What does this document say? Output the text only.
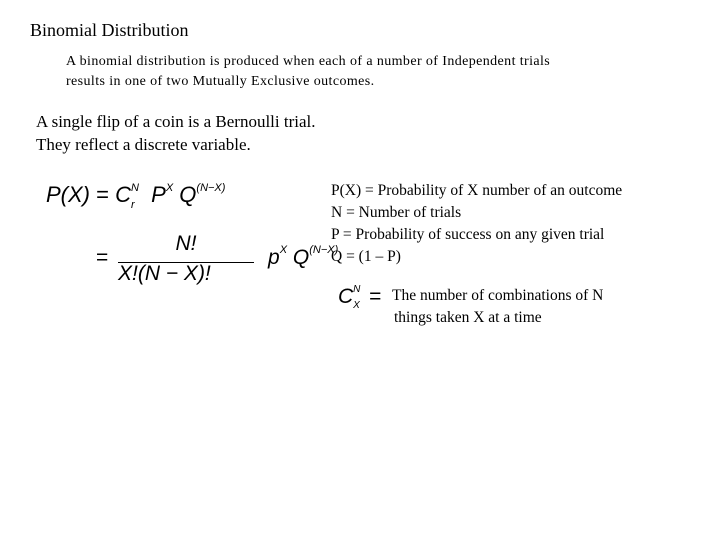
Binomial Distribution
A binomial distribution is produced when each of a number of Independent trials
results in one of two Mutually Exclusive outcomes.
A single flip of a coin is a Bernoulli trial.
They reflect a discrete variable.
P(X) = C N
r $P^X$ $Q^{(N-X)}$
=
N!
X!(N − X)!
$p^X$ $Q^{(N-X)}$
P(X) = Probability of X number of an outcome
N = Number of trials
P = Probability of success on any given trial
Q = (1 – P)
C N
X = The number of combinations of N
things taken X at a time
